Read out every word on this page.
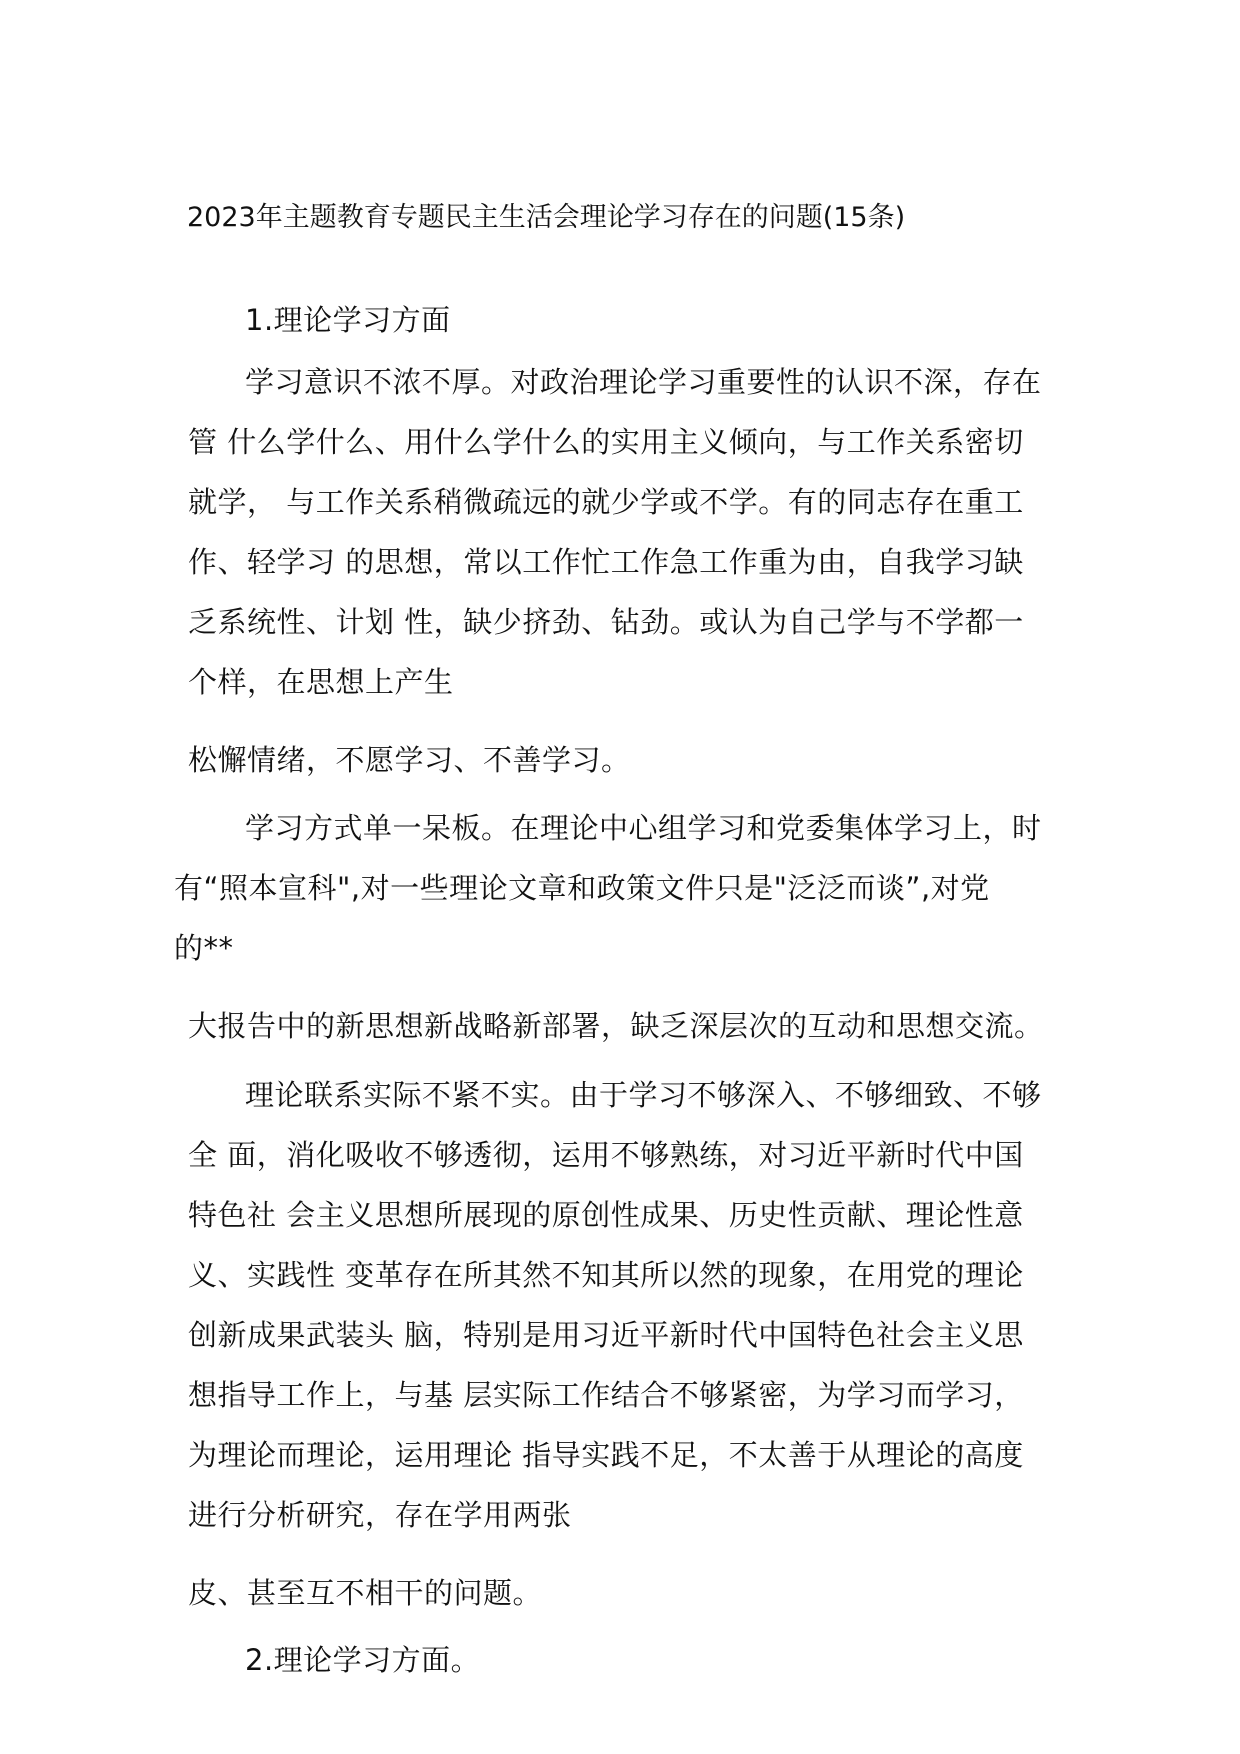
2023年主题教育专题民主生活会理论学习存在的问题(15条)
1.理论学习方面
学习意识不浓不厚。对政治理论学习重要性的认识不深，存在
管 什么学什么、用什么学什么的实用主义倾向，与工作关系密切
就学， 与工作关系稍微疏远的就少学或不学。有的同志存在重工
作、轻学习 的思想，常以工作忙工作急工作重为由，自我学习缺
乏系统性、计划 性，缺少挤劲、钻劲。或认为自己学与不学都一
个样，在思想上产生
松懈情绪，不愿学习、不善学习。
学习方式单一呆板。在理论中心组学习和党委集体学习上，时
有“照本宣科",对一些理论文章和政策文件只是"泛泛而谈”,对党
的**
大报告中的新思想新战略新部署，缺乏深层次的互动和思想交流。
理论联系实际不紧不实。由于学习不够深入、不够细致、不够
全 面，消化吸收不够透彻，运用不够熟练，对习近平新时代中国
特色社 会主义思想所展现的原创性成果、历史性贡献、理论性意
义、实践性 变革存在所其然不知其所以然的现象，在用党的理论
创新成果武装头 脑，特别是用习近平新时代中国特色社会主义思
想指导工作上，与基 层实际工作结合不够紧密，为学习而学习，
为理论而理论，运用理论 指导实践不足，不太善于从理论的高度
进行分析研究，存在学用两张
皮、甚至互不相干的问题。
2.理论学习方面。
